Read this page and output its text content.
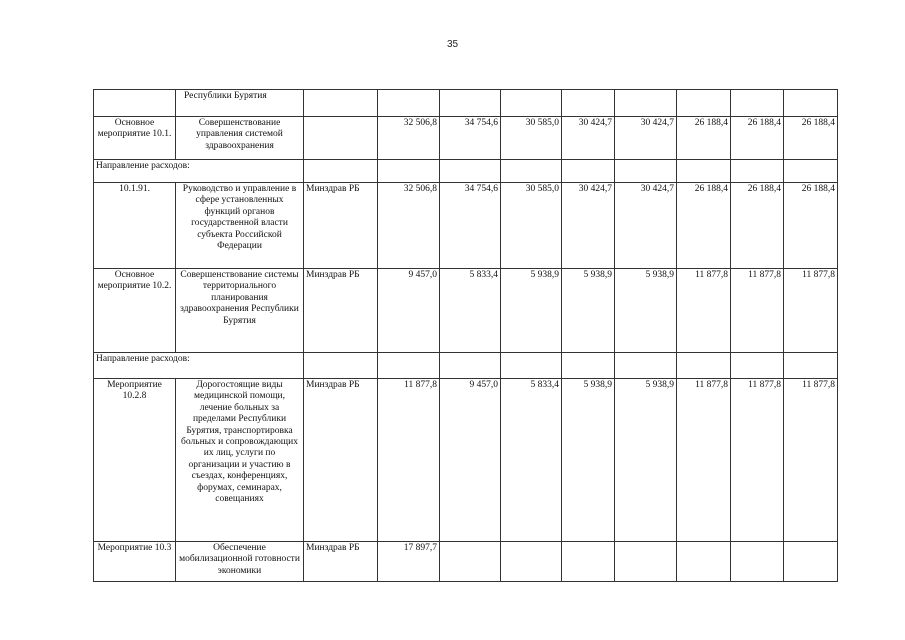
35
	Республики Бурятия									
Основное мероприятие 10.1.	Совершенствование управления системой здравоохранения		32 506,8	34 754,6	30 585,0	30 424,7	30 424,7	26 188,4	26 188,4	26 188,4
Направление расходов:										
10.1.91.	Руководство и управление в сфере установленных функций органов государственной власти субъекта Российской Федерации	Минздрав РБ	32 506,8	34 754,6	30 585,0	30 424,7	30 424,7	26 188,4	26 188,4	26 188,4
Основное мероприятие 10.2.	Совершенствование системы территориального планирования здравоохранения Республики Бурятия	Минздрав РБ	9 457,0	5 833,4	5 938,9	5 938,9	5 938,9	11 877,8	11 877,8	11 877,8
Направление расходов:										
Мероприятие 10.2.8	Дорогостоящие виды медицинской помощи, лечение больных за пределами Республики Бурятия, транспортировка больных и сопровождающих их лиц, услуги по организации и участию в съездах, конференциях, форумах, семинарах, совещаниях	Минздрав РБ	11 877,8	9 457,0	5 833,4	5 938,9	5 938,9	11 877,8	11 877,8	11 877,8
Мероприятие 10.3	Обеспечение мобилизационной готовности экономики	Минздрав РБ	17 897,7							
